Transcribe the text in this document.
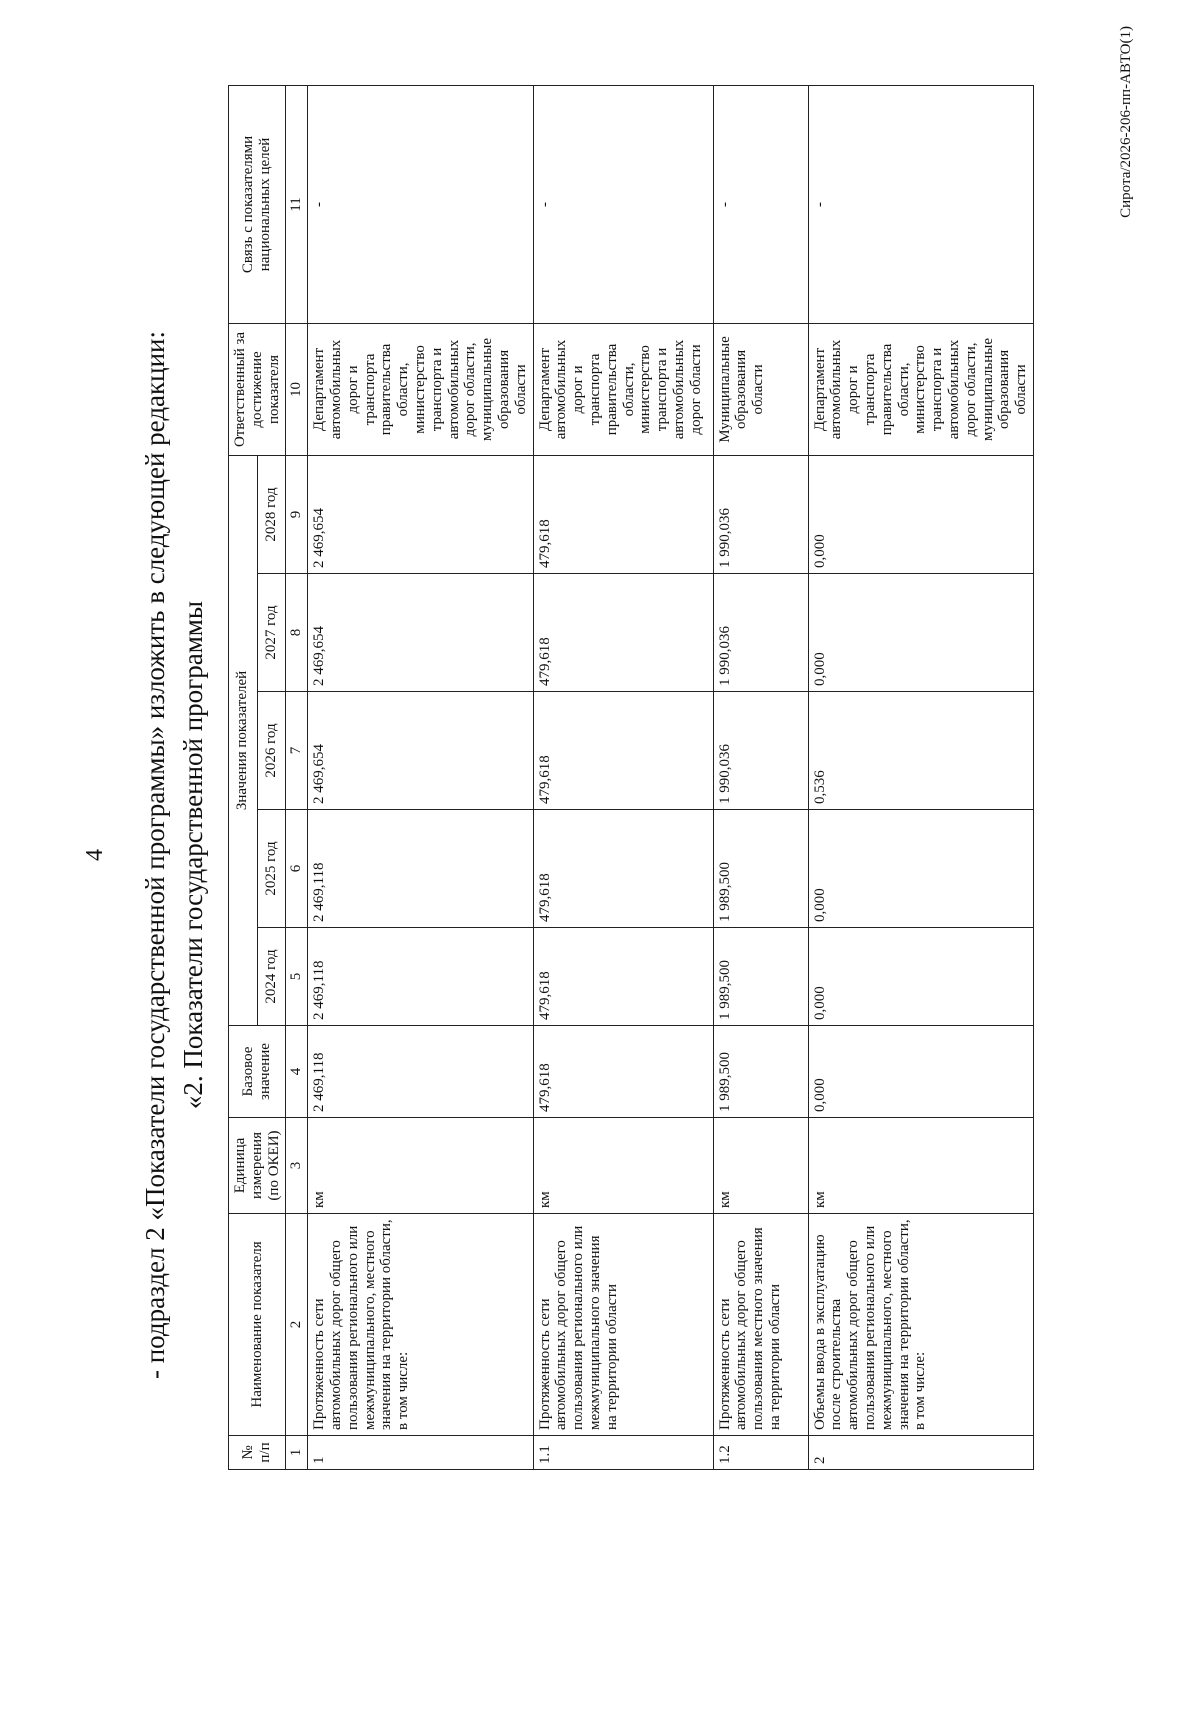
4 - подраздел 2 «Показатели государственной программы» изложить в следующей редакции: «2. Показатели государственной программы
№ п/п	Наименование показателя	Единица измерения (по ОКЕИ)	Базовое значение	Значения показателей					Ответственный за достижение показателя	Связь с показателями национальных целей
				2024 год	2025 год	2026 год	2027 год	2028 год		
1	2	3	4	5	6	7	8	9	10	11
1	Протяженность сети автомобильных дорог общего пользования регионального или межмуниципального, местного значения на территории области, в том числе:	км	2 469,118	2 469,118	2 469,118	2 469,654	2 469,654	2 469,654	Департамент автомобильных дорог и транспорта правительства области, министерство транспорта и автомобильных дорог области, муниципальные образования области	-
1.1	Протяженность сети автомобильных дорог общего пользования регионального или межмуниципального значения на территории области	км	479,618	479,618	479,618	479,618	479,618	479,618	Департамент автомобильных дорог и транспорта правительства области, министерство транспорта и автомобильных дорог области	-
1.2	Протяженность сети автомобильных дорог общего пользования местного значения на территории области	км	1 989,500	1 989,500	1 989,500	1 990,036	1 990,036	1 990,036	Муниципальные образования области	-
2	Объемы ввода в эксплуатацию после строительства автомобильных дорог общего пользования регионального или межмуниципального, местного значения на территории области, в том числе:	км	0,000	0,000	0,000	0,536	0,000	0,000	Департамент автомобильных дорог и транспорта правительства области, министерство транспорта и автомобильных дорог области, муниципальные образования области	-	Сирота/2026-206-пп-АВТО(1)
